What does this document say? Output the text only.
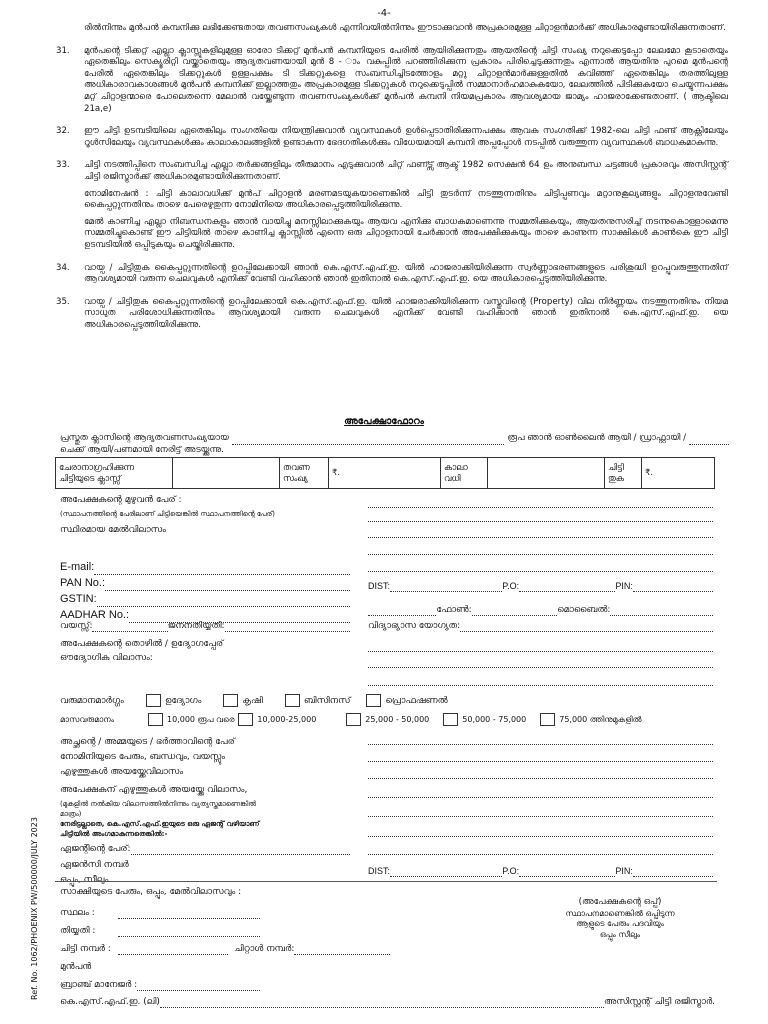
-4-

രിൽനിന്നും മുൻപൻ കമ്പനിക്കു ലഭിക്കേണ്ടതായ തവണസംഖ്യകൾ എന്നിവയിൽനിന്നും ഈടാക്കുവാൻ അപ്രകാരമുള്ള ചിറ്റാളൻമാർക്ക് അധികാരമുണ്ടായിരിക്കുന്നതാണ്.

31.	മുൻപന്റെ ടിക്കറ്റ് എല്ലാ ക്ലാസ്സുകളിലുമുള്ള ഓരോ ടിക്കറ്റ് മുൻപൻ കമ്പനിയുടെ പേരിൽ ആയിരിക്കുന്നതും ആയതിന്റെ ചിട്ടി സംഖ്യ നറുക്കെടുപ്പോ ലേലമോ കൂടാതെയും ഏതെങ്കിലും സെക്യൂരിറ്റി വയ്ക്കാതെയും ആദ്യതവണയായി മുൻ 8 - ാം വകുപ്പിൽ പറഞ്ഞിരിക്കുന്ന പ്രകാരം പിരിച്ചെടുക്കുന്നതും എന്നാൽ ആയതിനു പുറമെ മുൻപന്റെ പേരിൽ ഏതെങ്കിലും ടിക്കറ്റുകൾ ഉള്ളപക്ഷം ടി ടിക്കറ്റുകളെ സംബന്ധിച്ചിടത്തോളം മറ്റു ചിറ്റാളൻമാർക്കുള്ളതിൽ കവിഞ്ഞ് ഏതെങ്കിലും തരത്തിലുള്ള അധികാരാവകാശങ്ങൾ മുൻപൻ കമ്പനിക്ക് ഇല്ലാത്തതും അപ്രകാരമുള്ള ടിക്കറ്റുകൾ നറുക്കെടുപ്പിൽ സമ്മാനാർഹമാകുകയോ, ലേലത്തിൽ പിടിക്കുകയോ ചെയ്യുന്നപക്ഷം മറ്റ് ചിറ്റാളന്മാരെ പോലെതന്നെ മേലാൽ വയ്ക്കേണ്ടുന്ന തവണസംഖ്യകൾക്ക് മുൻപൻ കമ്പനി നിയമപ്രകാരം ആവശ്യമായ ജാമ്യം ഹാജരാക്കേണ്ടതാണ്. ( ആക്ടിലെ 21a,e)

32.	ഈ ചിട്ടി ഉടമ്പടിയിലെ ഏതെങ്കിലും സംഗതിയെ നിയന്ത്രിക്കുവാൻ വ്യവസ്ഥകൾ ഉൾപ്പെടാതിരിക്കുന്നപക്ഷം ആവക സംഗതിക്ക് 1982-ലെ ചിട്ടി ഫണ്ട് ആക്റ്റിലേയും റൂൾസിലേയും വ്യവസ്ഥകൾക്കും കാലാകാലങ്ങളിൽ ഉണ്ടാകുന്ന ഭേദഗതികൾക്കും വിധേയമായി കമ്പനി അപ്പപ്പോൾ നടപ്പിൽ വരുത്തുന്ന വ്യവസ്ഥകൾ ബാധകമാകുന്നു.

33.	ചിട്ടി നടത്തിപ്പിനെ സംബന്ധിച്ച എല്ലാ തർക്കങ്ങളിലും തീരുമാനം എടുക്കുവാൻ ചിറ്റ് ഫണ്ട്സ് ആക്ട് 1982 സെക്ഷൻ 64 ഉം അനുബന്ധ ചട്ടങ്ങൾ പ്രകാരവും അസിസ്റ്റന്റ് ചിട്ടി രജിസ്ട്രാർക്ക് അധികാരമുണ്ടായിരിക്കുന്നതാണ്.

നോമിനേഷൻ : ചിട്ടി കാലാവധിക്ക് മുൻപ് ചിറ്റാളൻ മരണമടയുകയാണെങ്കിൽ ചിട്ടി തുടർന്ന് നടത്തുന്നതിനും ചിട്ടിപ്പണവും മറ്റാനുകൂല്യങ്ങളും ചിറ്റാളനുവേണ്ടി കൈപ്പറ്റുന്നതിനും താഴെ പേരെഴുതുന്ന നോമിനിയെ അധികാരപ്പെടുത്തിയിരിക്കുന്നു.

മേൽ കാണിച്ച എല്ലാ നിബന്ധനകളും ഞാൻ വായിച്ചു മനസ്സിലാക്കുകയും ആയവ എനിക്കു ബാധകമാണെന്നു സമ്മതിക്കുകയും, ആയതനുസരിച്ച് നടന്നുകൊള്ളാമെന്നു സമ്മതിച്ചുകൊണ്ട് ഈ ചിട്ടിയിൽ താഴെ കാണിച്ച ക്ലാസ്സിൽ എന്നെ ഒരു ചിറ്റാളനായി ചേർക്കാൻ അപേക്ഷിക്കുകയും താഴെ കാണുന്ന സാക്ഷികൾ കാൺകെ ഈ ചിട്ടി ഉടമ്പടിയിൽ ഒപ്പിടുകയും ചെയ്തിരിക്കുന്നു.

34.	വായ്പ / ചിട്ടിതുക കൈപ്പറ്റുന്നതിന്റെ ഉറപ്പിലേക്കായി ഞാൻ കെ.എസ്.എഫ്.ഇ. യിൽ ഹാജരാക്കിയിരിക്കുന്ന സ്വർണ്ണാഭരണങ്ങളുടെ പരിശുദ്ധി ഉറപ്പുവരുത്തുന്നതിന് ആവശ്യമായി വരുന്ന ചെലവുകൾ എനിക്ക് വേണ്ടി വഹിക്കാൻ ഞാൻ ഇതിനാൽ കെ.എസ്.എഫ്.ഇ. യെ അധികാരപ്പെടുത്തിയിരിക്കുന്നു.

35.	വായ്പ / ചിട്ടിതുക കൈപ്പറ്റുന്നതിന്റെ ഉറപ്പിലേക്കായി കെ.എസ്.എഫ്.ഇ. യിൽ ഹാജരാക്കിയിരിക്കുന്ന വസ്തുവിന്റെ (Property) വില നിർണ്ണയം നടത്തുന്നതിനും നിയമ സാധുത പരിശോധിക്കുന്നതിനും ആവശ്യമായി വരുന്ന ചെലവുകൾ എനിക്ക് വേണ്ടി വഹിക്കാൻ ഞാൻ ഇതിനാൽ കെ.എസ്.എഫ്.ഇ. യെ അധികാരപ്പെടുത്തിയിരിക്കുന്നു.

അപേക്ഷാഫോറം
പ്രസ്തുത ക്ലാസിന്റെ ആദ്യതവണസംഖ്യയായ	രൂപ ഞാൻ ഓൺലൈൻ ആയി / ഡ്രാഫ്റ്റായി /
ചെക്ക് ആയി/പണമായി നേരിട്ട് അടയ്ക്കുന്നു.
ചേരാനാഗ്രഹിക്കുന്ന ചിട്ടിയുടെ ക്ലാസ്സ്		തവണ സംഖ്യ	₹.	കാലാ വധി		ചിട്ടി തുക	₹.
അപേക്ഷകന്റെ മുഴുവൻ പേര് :
(സ്ഥാപനത്തിന്റെ പേരിലാണ് ചിട്ടിയെങ്കിൽ സ്ഥാപനത്തിന്റെ പേര്)
സ്ഥിരമായ മേൽവിലാസം
E-mail:
PAN No.:
GSTIN:
AADHAR No.:
DIST:	P.O:	PIN:
ഫോൺ:	മൊബൈൽ:
വയസ്സ്:	ജനനതിയ്യതി:	വിദ്യാഭ്യാസ യോഗ്യത:
അപേക്ഷകന്റെ തൊഴിൽ / ഉദ്യോഗപ്പേര്
ഔദ്യോഗിക വിലാസം:
വരുമാനമാർഗ്ഗം	ഉദ്യോഗം	കൃഷി	ബിസിനസ്	പ്രൊഫഷണൽ
മാസവരുമാനം	10,000 രൂപ വരെ	10,000-25,000	25,000 - 50,000	50,000 - 75,000	75,000 ത്തിനുമുകളിൽ
അച്ഛന്റെ / അമ്മയുടെ / ഭർത്താവിന്റെ പേര്
നോമിനിയുടെ പേരും, ബന്ധവും, വയസ്സും
എഴുത്തുകൾ അയയ്ക്കേവിലാസം
അപേക്ഷകന് എഴുത്തുകൾ അയയ്ക്കേ വിലാസം,
(മുകളിൽ നൽകിയ വിലാസത്തിൽനിന്നും വ്യത്യസ്തമാണെങ്കിൽ
മാത്രം)
നേരിട്ടല്ലാതെ, കെ.എസ്.എഫ്.ഇയുടെ ഒരു ഏജന്റ് വഴിയാണ്
ചിട്ടിയിൽ അംഗമാകുന്നതെങ്കിൽ:-
ഏജന്റിന്റെ പേര്:
ഏജൻസി നമ്പർ
ഒപ്പും, സീലും
DIST:	P.O:	PIN:
സാക്ഷിയുടെ പേരും, ഒപ്പും, മേൽവിലാസവും :
സ്ഥലം :
തിയ്യതി :
ചിട്ടി നമ്പർ :	ചിറ്റാൾ നമ്പർ:
മുൻപൻ
ബ്രാഞ്ച് മാനേജർ :
കെ.എസ്.എഫ്.ഇ. (ലി)	അസിസ്റ്റന്റ് ചിട്ടി രജിസ്ട്രാർ.
(അപേക്ഷകന്റെ ഒപ്പ്)
സ്ഥാപനമാണെങ്കിൽ ഒപ്പിടുന്ന
ആളുടെ പേരും പദവിയും
ഒപ്പും സീലും
Ref. No. 1062/PHOENIX PW/500000/JULY 2023
